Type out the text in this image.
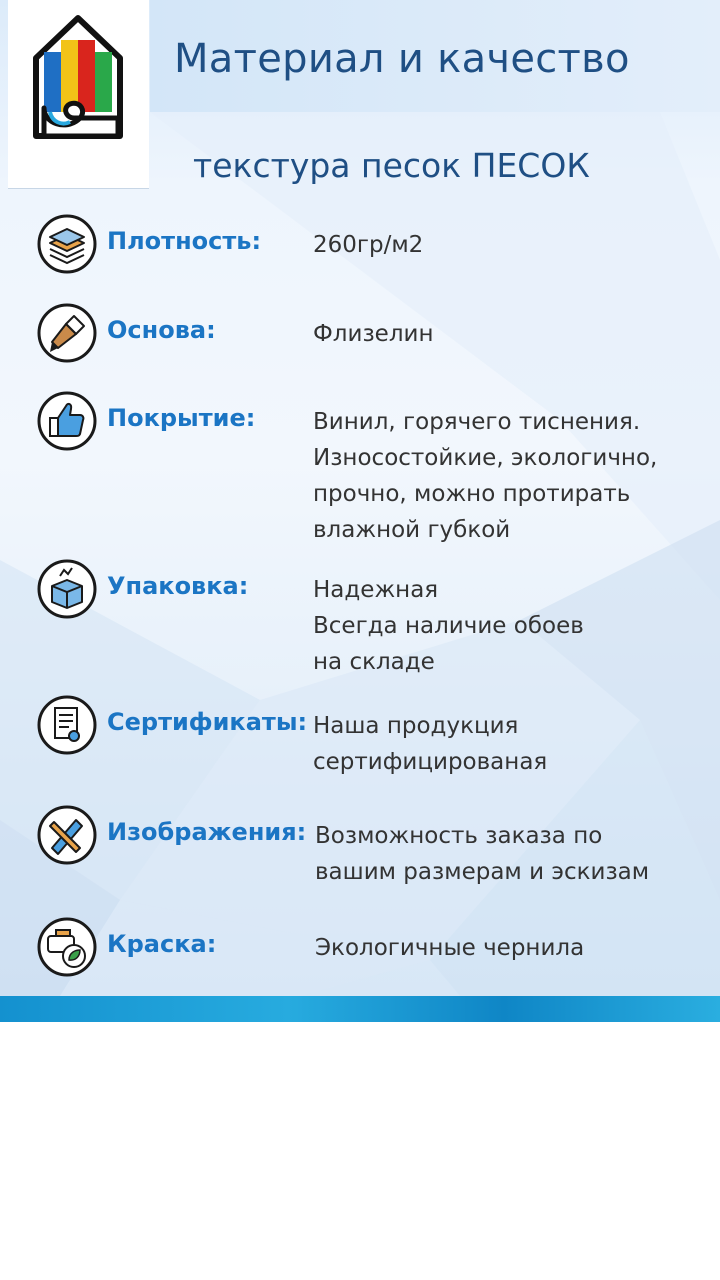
Материал и качество
текстура песок ПЕСОК
Плотность: 260гр/м2
Основа:	Флизелин
Покрытие:	Винил, горячего тиснения.
Износостойкие, экологично,
прочно, можно протирать
влажной губкой
Упаковка:	Надежная
Всегда наличие обоев
на складе
Сертификаты: Наша продукция
сертифицированая
Изображения: Возможность заказа по
вашим размерам и эскизам
Краска:	Экологичные чернила
